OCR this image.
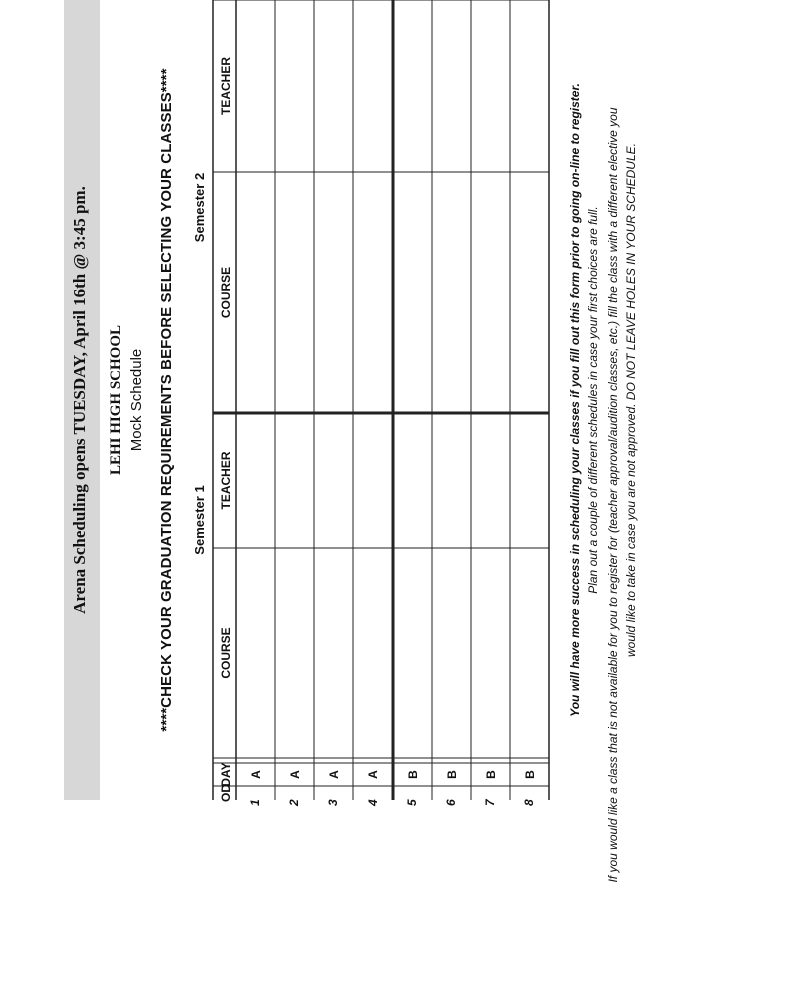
Arena Scheduling opens TUESDAY, April 16th @ 3:45 pm. LEHI HIGH SCHOOL Mock Schedule ****CHECK YOUR GRADUATION REQUIREMENTS BEFORE SELECTING YOUR CLASSES**** Semester 1
Semester 2
OD
DAY
COURSE
TEACHER
COURSE
TEACHER
1
A
2
A
3
A
4
A
5
B
6
B
7
B
8
B
You will have more success in scheduling your classes if you fill out this form prior to going on-line to register. Plan out a couple of different schedules in case your first choices are full. If you would like a class that is not available for you to register for (teacher approval/audition classes, etc.) fill the class with a different elective you would like to take in case you are not approved. DO NOT LEAVE HOLES IN YOUR SCHEDULE.
